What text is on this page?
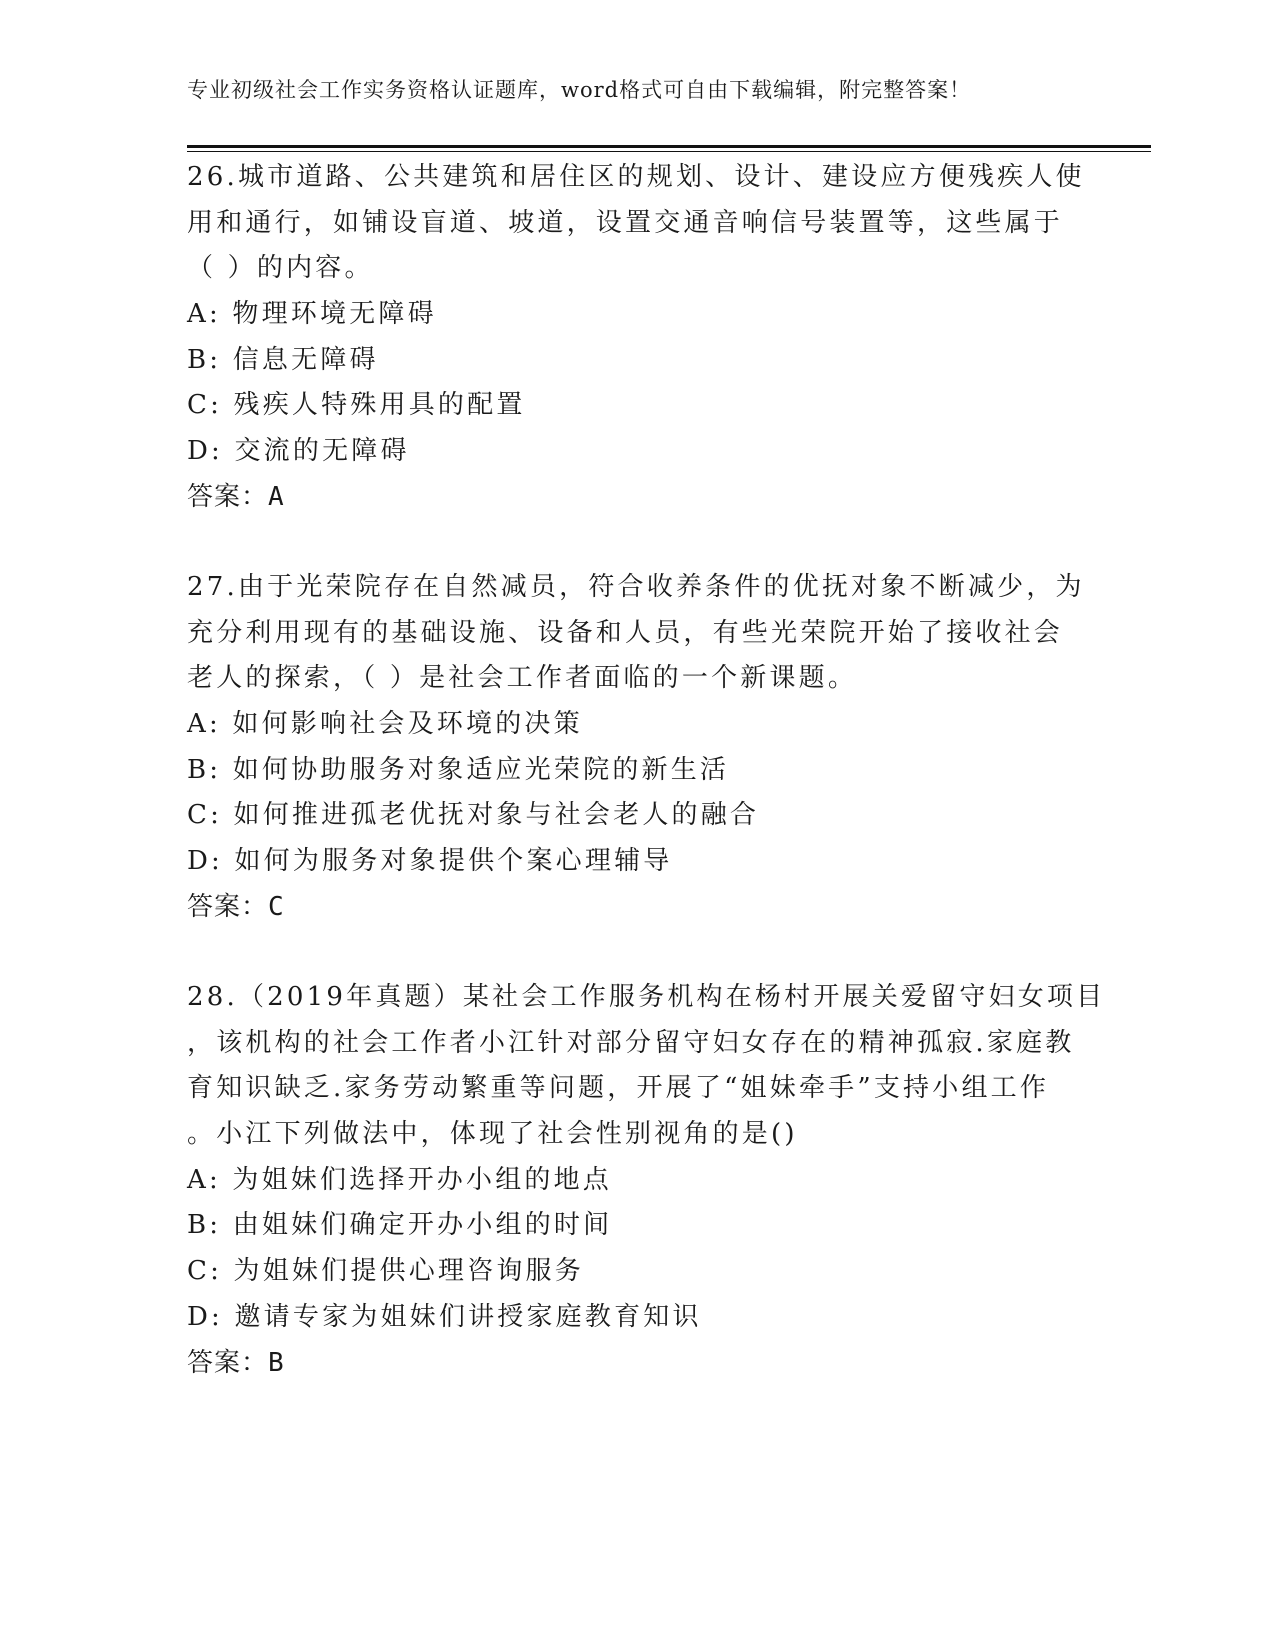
专业初级社会工作实务资格认证题库，word格式可自由下载编辑，附完整答案！
26.城市道路、公共建筑和居住区的规划、设计、建设应方便残疾人使
用和通行，如铺设盲道、坡道，设置交通音响信号装置等，这些属于
（ ）的内容。
A: 物理环境无障碍
B: 信息无障碍
C: 残疾人特殊用具的配置
D: 交流的无障碍
答案：A
27.由于光荣院存在自然减员，符合收养条件的优抚对象不断减少，为
充分利用现有的基础设施、设备和人员，有些光荣院开始了接收社会
老人的探索，（ ）是社会工作者面临的一个新课题。
A: 如何影响社会及环境的决策
B: 如何协助服务对象适应光荣院的新生活
C: 如何推进孤老优抚对象与社会老人的融合
D: 如何为服务对象提供个案心理辅导
答案：C
28.（2019年真题）某社会工作服务机构在杨村开展关爱留守妇女项目
，该机构的社会工作者小江针对部分留守妇女存在的精神孤寂.家庭教
育知识缺乏.家务劳动繁重等问题，开展了“姐妹牵手”支持小组工作
。小江下列做法中，体现了社会性别视角的是()
A: 为姐妹们选择开办小组的地点
B: 由姐妹们确定开办小组的时间
C: 为姐妹们提供心理咨询服务
D: 邀请专家为姐妹们讲授家庭教育知识
答案：B
